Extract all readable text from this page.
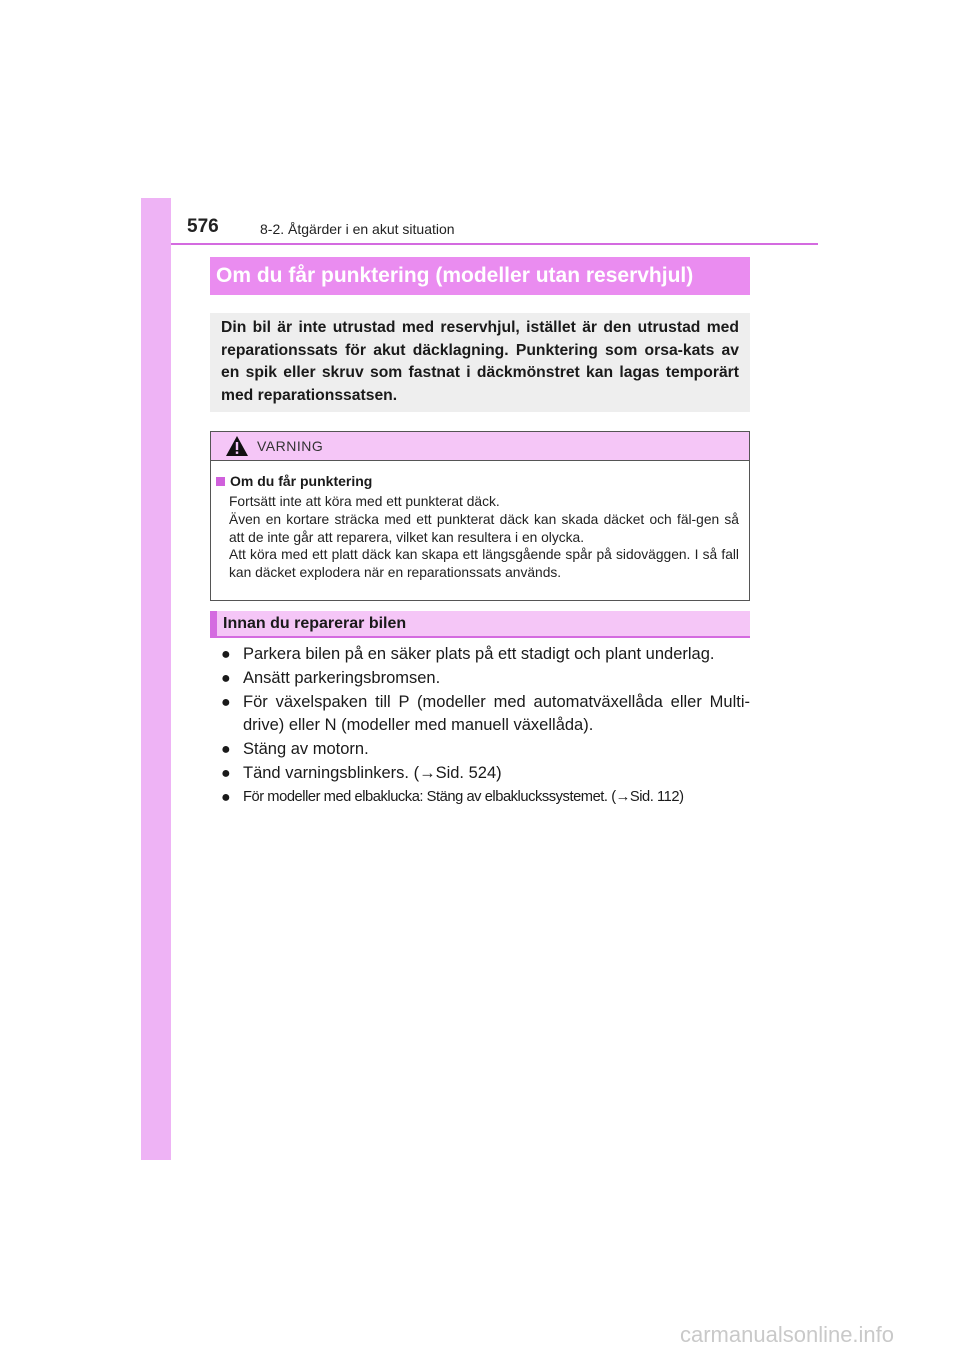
576	8-2. Åtgärder i en akut situation
Om du får punktering (modeller utan reservhjul)

Din bil är inte utrustad med reservhjul, istället är den utrustad med reparationssats för akut däcklagning. Punktering som orsa-kats av en spik eller skruv som fastnat i däckmönstret kan lagas temporärt med reparationssatsen.

VARNING
Om du får punktering

Fortsätt inte att köra med ett punkterat däck.

Även en kortare sträcka med ett punkterat däck kan skada däcket och fäl-gen så att de inte går att reparera, vilket kan resultera i en olycka.

Att köra med ett platt däck kan skapa ett längsgående spår på sidoväggen. I så fall kan däcket explodera när en reparationssats används.

Innan du reparerar bilen
● Parkera bilen på en säker plats på ett stadigt och plant underlag.
● Ansätt parkeringsbromsen.
● För växelspaken till P (modeller med automatväxellåda eller Multi-drive) eller N (modeller med manuell växellåda).
● Stäng av motorn.
● Tänd varningsblinkers. (→Sid. 524)
● För modeller med elbaklucka: Stäng av elbakluckssystemet. (→Sid. 112)
carmanualsonline.info
